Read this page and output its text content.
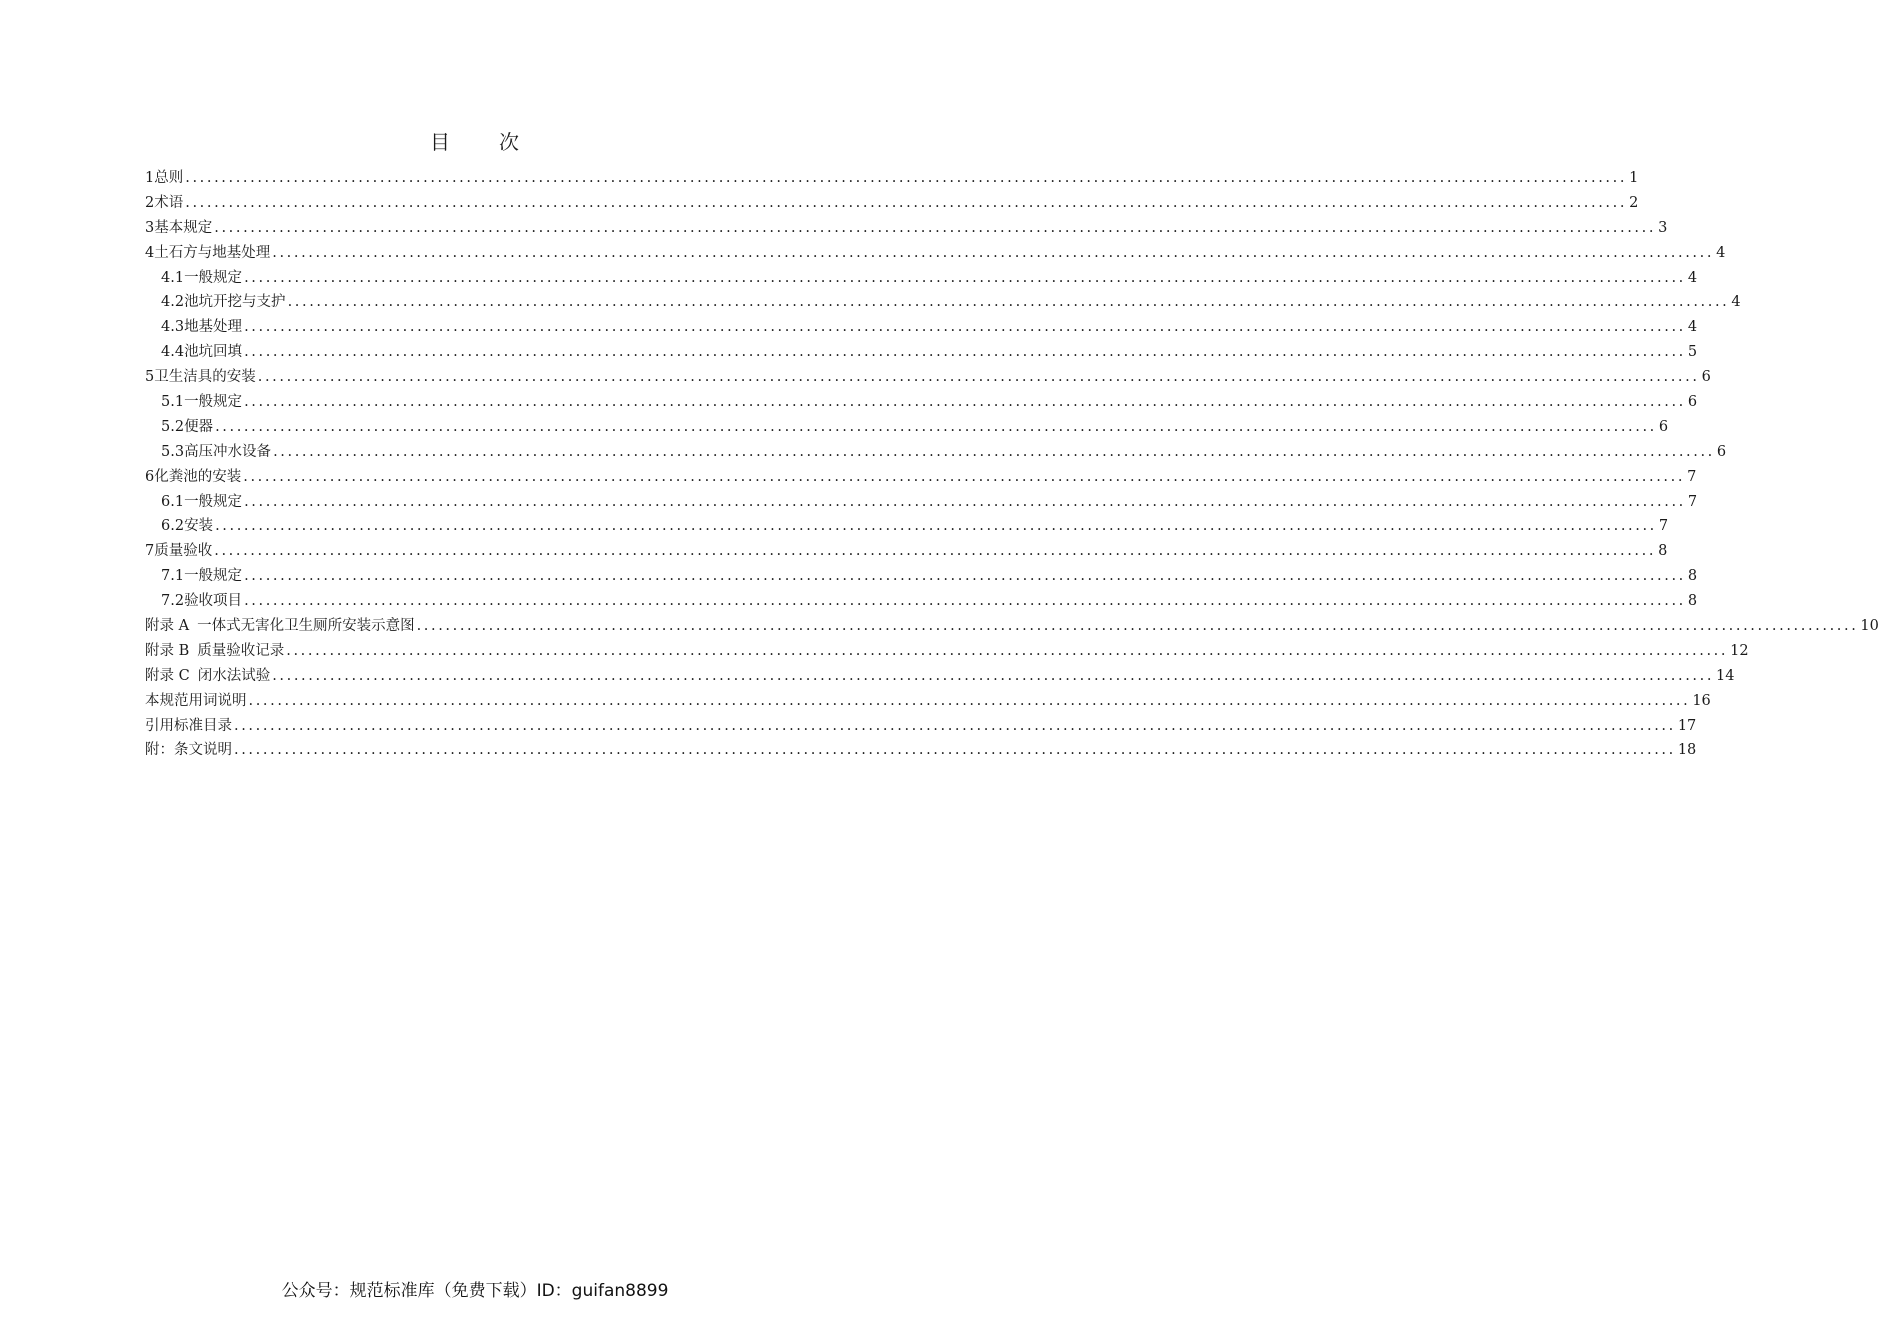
目 次
1 总则 ........................................................................................................................................................................................................ 1
2 术语 ........................................................................................................................................................................................................ 2
3 基本规定 ........................................................................................................................................................................................................ 3
4 土石方与地基处理 ........................................................................................................................................................................................................ 4
4.1 一般规定 ........................................................................................................................................................................................................ 4
4.2 池坑开挖与支护 ........................................................................................................................................................................................................ 4
4.3 地基处理 ........................................................................................................................................................................................................ 4
4.4 池坑回填 ........................................................................................................................................................................................................ 5
5 卫生洁具的安装 ........................................................................................................................................................................................................ 6
5.1 一般规定 ........................................................................................................................................................................................................ 6
5.2 便器 ........................................................................................................................................................................................................ 6
5.3 高压冲水设备 ........................................................................................................................................................................................................ 6
6 化粪池的安装 ........................................................................................................................................................................................................ 7
6.1 一般规定 ........................................................................................................................................................................................................ 7
6.2 安装 ........................................................................................................................................................................................................ 7
7 质量验收 ........................................................................................................................................................................................................ 8
7.1 一般规定 ........................................................................................................................................................................................................ 8
7.2 验收项目 ........................................................................................................................................................................................................ 8
附录 A 一体式无害化卫生厕所安装示意图 ........................................................................................................................................................................................................ 10
附录 B 质量验收记录 ........................................................................................................................................................................................................ 12
附录 C 闭水法试验 ........................................................................................................................................................................................................ 14
本规范用词说明 ........................................................................................................................................................................................................ 16
引用标准目录 ........................................................................................................................................................................................................ 17
附：条文说明 ........................................................................................................................................................................................................ 18
公众号：规范标准库（免费下载）ID：guifan8899
